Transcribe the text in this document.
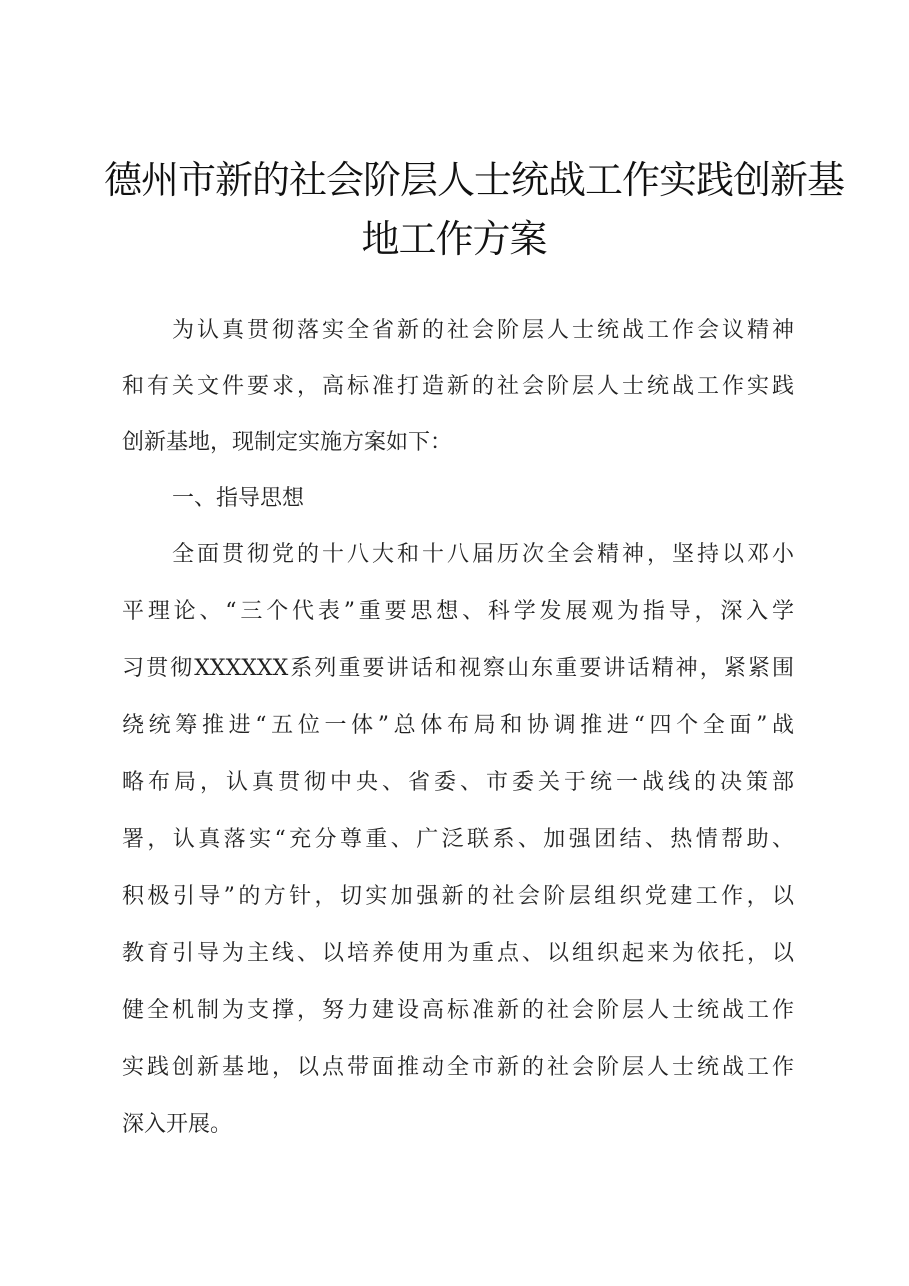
德州市新的社会阶层人士统战工作实践创新基
地工作方案
为认真贯彻落实全省新的社会阶层人士统战工作会议精神
和有关文件要求，高标准打造新的社会阶层人士统战工作实践
创新基地，现制定实施方案如下：
一、指导思想
全面贯彻党的十八大和十八届历次全会精神，坚持以邓小
平理论、“三个代表”重要思想、科学发展观为指导，深入学
习贯彻XXXXXX系列重要讲话和视察山东重要讲话精神，紧紧围
绕统筹推进“五位一体”总体布局和协调推进“四个全面”战
略布局，认真贯彻中央、省委、市委关于统一战线的决策部
署，认真落实“充分尊重、广泛联系、加强团结、热情帮助、
积极引导”的方针，切实加强新的社会阶层组织党建工作，以
教育引导为主线、以培养使用为重点、以组织起来为依托，以
健全机制为支撑，努力建设高标准新的社会阶层人士统战工作
实践创新基地，以点带面推动全市新的社会阶层人士统战工作
深入开展。
